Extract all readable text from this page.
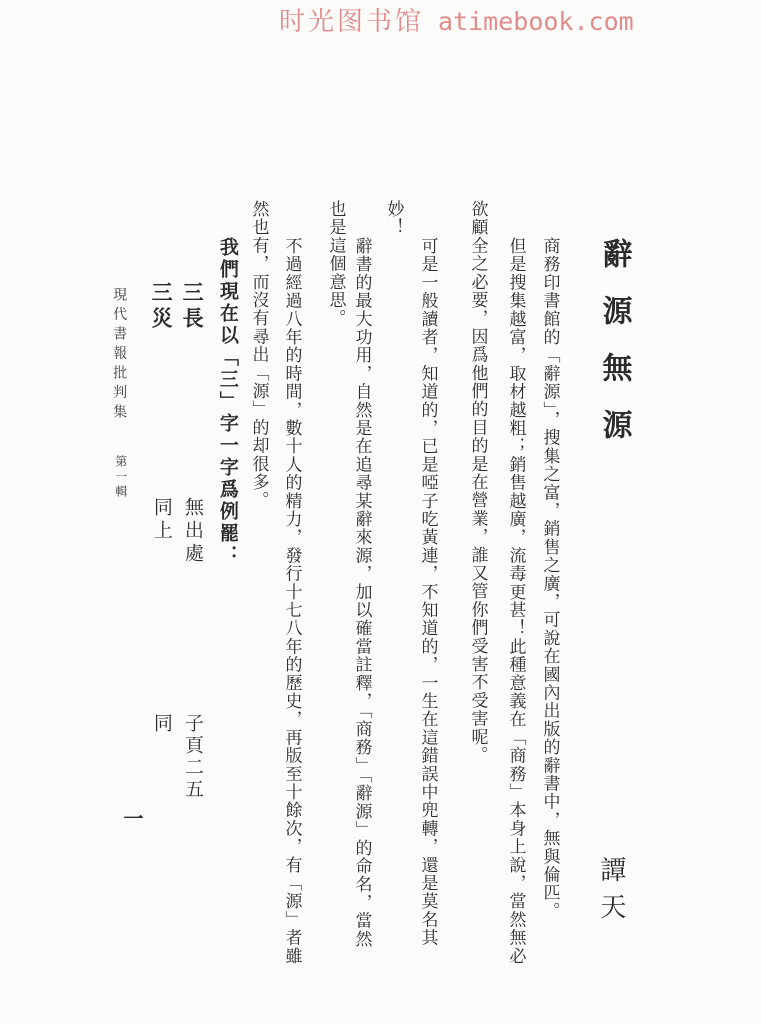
时光图书馆 atimebook.com
辭源無源
譚天
商務印書館的「辭源」，搜集之富，銷售之廣，可說在國內出版的辭書中，無與倫匹。
但是搜集越富，取材越粗；銷售越廣，流毒更甚！此種意義在「商務」本身上說，當然無必
欲顧全之必要，因爲他們的目的是在營業，誰又管你們受害不受害呢。
可是一般讀者，知道的，已是啞子吃黃連，不知道的，一生在這錯誤中兜轉，還是莫名其
妙！
辭書的最大功用，自然是在追尋某辭來源，加以確當註釋，「商務」「辭源」的命名，當然
也是這個意思。
不過經過八年的時間，數十人的精力，發行十七八年的歷史，再版至十餘次，有「源」者雖
然也有，而沒有尋出「源」的却很多。
我們現在以「三」字一字爲例罷：
三長
無出處
子頁二五
三災
同上
同
現代書報批判集
第一輯
一
